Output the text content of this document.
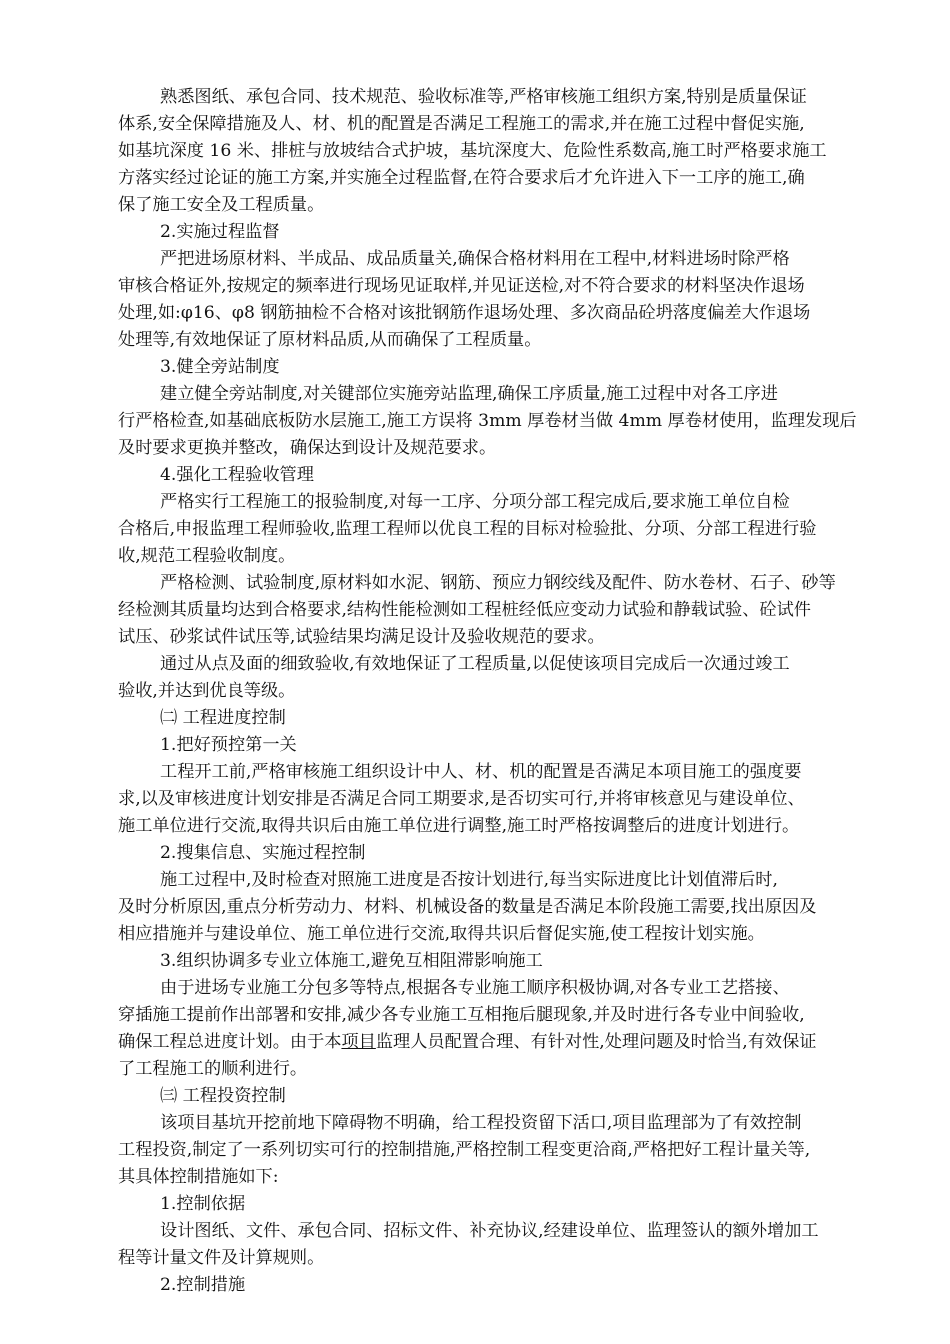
熟悉图纸、承包合同、技术规范、验收标准等,严格审核施工组织方案,特别是质量保证
体系,安全保障措施及人、材、机的配置是否满足工程施工的需求,并在施工过程中督促实施,
如基坑深度 16 米、排桩与放坡结合式护坡，基坑深度大、危险性系数高,施工时严格要求施工
方落实经过论证的施工方案,并实施全过程监督,在符合要求后才允许进入下一工序的施工,确
保了施工安全及工程质量。
2.实施过程监督
严把进场原材料、半成品、成品质量关,确保合格材料用在工程中,材料进场时除严格
审核合格证外,按规定的频率进行现场见证取样,并见证送检,对不符合要求的材料坚决作退场
处理,如:φ16、φ8 钢筋抽检不合格对该批钢筋作退场处理、多次商品砼坍落度偏差大作退场
处理等,有效地保证了原材料品质,从而确保了工程质量。
3.健全旁站制度
建立健全旁站制度,对关键部位实施旁站监理,确保工序质量,施工过程中对各工序进
行严格检查,如基础底板防水层施工,施工方误将 3mm 厚卷材当做 4mm 厚卷材使用，监理发现后
及时要求更换并整改，确保达到设计及规范要求。
4.强化工程验收管理
严格实行工程施工的报验制度,对每一工序、分项分部工程完成后,要求施工单位自检
合格后,申报监理工程师验收,监理工程师以优良工程的目标对检验批、分项、分部工程进行验
收,规范工程验收制度。
严格检测、试验制度,原材料如水泥、钢筋、预应力钢绞线及配件、防水卷材、石子、砂等
经检测其质量均达到合格要求,结构性能检测如工程桩经低应变动力试验和静载试验、砼试件
试压、砂浆试件试压等,试验结果均满足设计及验收规范的要求。
通过从点及面的细致验收,有效地保证了工程质量,以促使该项目完成后一次通过竣工
验收,并达到优良等级。
㈡ 工程进度控制
1.把好预控第一关
工程开工前,严格审核施工组织设计中人、材、机的配置是否满足本项目施工的强度要
求,以及审核进度计划安排是否满足合同工期要求,是否切实可行,并将审核意见与建设单位、
施工单位进行交流,取得共识后由施工单位进行调整,施工时严格按调整后的进度计划进行。
2.搜集信息、实施过程控制
施工过程中,及时检查对照施工进度是否按计划进行,每当实际进度比计划值滞后时,
及时分析原因,重点分析劳动力、材料、机械设备的数量是否满足本阶段施工需要,找出原因及
相应措施并与建设单位、施工单位进行交流,取得共识后督促实施,使工程按计划实施。
3.组织协调多专业立体施工,避免互相阻滞影响施工
由于进场专业施工分包多等特点,根据各专业施工顺序积极协调,对各专业工艺搭接、
穿插施工提前作出部署和安排,减少各专业施工互相拖后腿现象,并及时进行各专业中间验收,
确保工程总进度计划。由于本项目监理人员配置合理、有针对性,处理问题及时恰当,有效保证
了工程施工的顺利进行。
㈢ 工程投资控制
该项目基坑开挖前地下障碍物不明确，给工程投资留下活口,项目监理部为了有效控制
工程投资,制定了一系列切实可行的控制措施,严格控制工程变更洽商,严格把好工程计量关等,
其具体控制措施如下:
1.控制依据
设计图纸、文件、承包合同、招标文件、补充协议,经建设单位、监理签认的额外增加工
程等计量文件及计算规则。
2.控制措施
